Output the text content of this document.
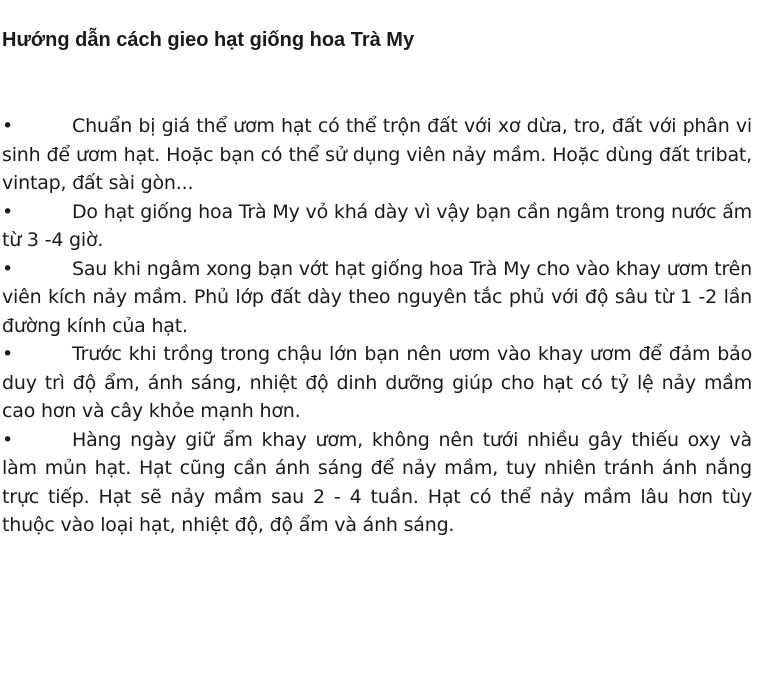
Hướng dẫn cách gieo hạt giống hoa Trà My
•	Chuẩn bị giá thể ươm hạt có thể trộn đất với xơ dừa, tro, đất với phân vi sinh để ươm hạt. Hoặc bạn có thể sử dụng viên nảy mầm. Hoặc dùng đất tribat, vintap, đất sài gòn...
•	Do hạt giống hoa Trà My vỏ khá dày vì vậy bạn cần ngâm trong nước ấm từ 3 -4 giờ.
•	Sau khi ngâm xong bạn vớt hạt giống hoa Trà My cho vào khay ươm trên viên kích nảy mầm. Phủ lớp đất dày theo nguyên tắc phủ với độ sâu từ 1 -2 lần đường kính của hạt.
•	Trước khi trồng trong chậu lớn bạn nên ươm vào khay ươm để đảm bảo duy trì độ ẩm, ánh sáng, nhiệt độ dinh dưỡng giúp cho hạt có tỷ lệ nảy mầm cao hơn và cây khỏe mạnh hơn.
•	Hàng ngày giữ ẩm khay ươm, không nên tưới nhiều gây thiếu oxy và làm mủn hạt. Hạt cũng cần ánh sáng để nảy mầm, tuy nhiên tránh ánh nắng trực tiếp. Hạt sẽ nảy mầm sau 2 - 4 tuần. Hạt có thể nảy mầm lâu hơn tùy thuộc vào loại hạt, nhiệt độ, độ ẩm và ánh sáng.
